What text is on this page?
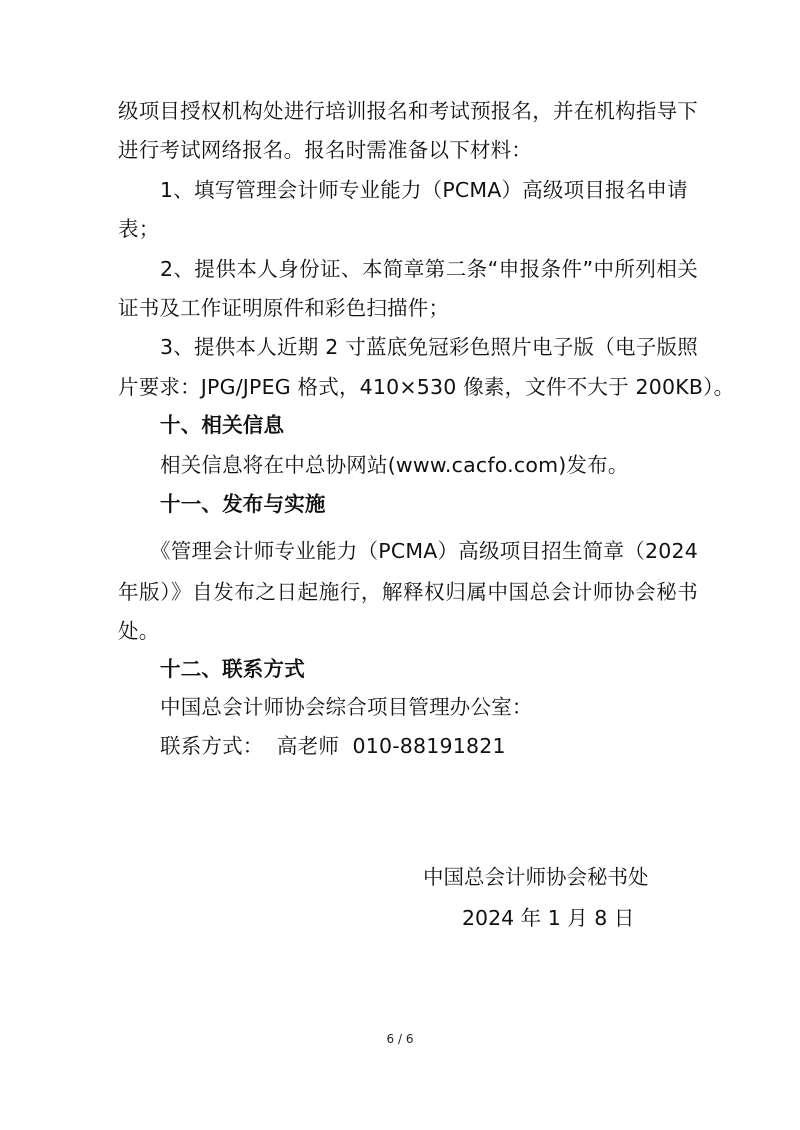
级项目授权机构处进行培训报名和考试预报名，并在机构指导下
进行考试网络报名。报名时需准备以下材料：
1、填写管理会计师专业能力（PCMA）高级项目报名申请
表；
2、提供本人身份证、本简章第二条“申报条件”中所列相关
证书及工作证明原件和彩色扫描件；
3、提供本人近期 2 寸蓝底免冠彩色照片电子版（电子版照
片要求：JPG/JPEG 格式，410×530 像素，文件不大于 200KB）。
十、相关信息
相关信息将在中总协网站(www.cacfo.com)发布。
十一、发布与实施
《管理会计师专业能力（PCMA）高级项目招生简章（2024
年版）》自发布之日起施行，解释权归属中国总会计师协会秘书
处。
十二、联系方式
中国总会计师协会综合项目管理办公室：
联系方式：  高老师  010-88191821
中国总会计师协会秘书处
2024 年 1 月 8 日
6 / 6
